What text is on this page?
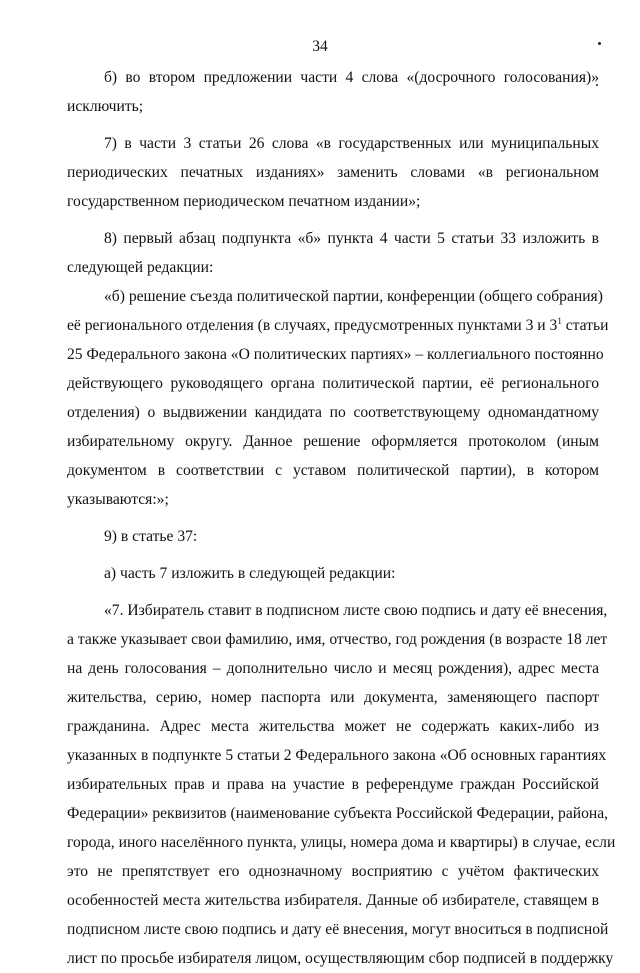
34
б) во втором предложении части 4 слова «(досрочного голосования)»
исключить;
7) в части 3 статьи 26 слова «в государственных или муниципальных
периодических печатных изданиях» заменить словами «в региональном
государственном периодическом печатном издании»;
8) первый абзац подпункта «б» пункта 4 части 5 статьи 33 изложить в
следующей редакции:
«б) решение съезда политической партии, конференции (общего собрания)
её регионального отделения (в случаях, предусмотренных пунктами 3 и $3^1$ статьи
25 Федерального закона «О политических партиях» – коллегиального постоянно
действующего руководящего органа политической партии, её регионального
отделения) о выдвижении кандидата по соответствующему одномандатному
избирательному округу. Данное решение оформляется протоколом (иным
документом в соответствии с уставом политической партии), в котором
указываются:»;
9) в статье 37:
а) часть 7 изложить в следующей редакции:
«7. Избиратель ставит в подписном листе свою подпись и дату её внесения,
а также указывает свои фамилию, имя, отчество, год рождения (в возрасте 18 лет
на день голосования – дополнительно число и месяц рождения), адрес места
жительства, серию, номер паспорта или документа, заменяющего паспорт
гражданина. Адрес места жительства может не содержать каких-либо из
указанных в подпункте 5 статьи 2 Федерального закона «Об основных гарантиях
избирательных прав и права на участие в референдуме граждан Российской
Федерации» реквизитов (наименование субъекта Российской Федерации, района,
города, иного населённого пункта, улицы, номера дома и квартиры) в случае, если
это не препятствует его однозначному восприятию с учётом фактических
особенностей места жительства избирателя. Данные об избирателе, ставящем в
подписном листе свою подпись и дату её внесения, могут вноситься в подписной
лист по просьбе избирателя лицом, осуществляющим сбор подписей в поддержку
